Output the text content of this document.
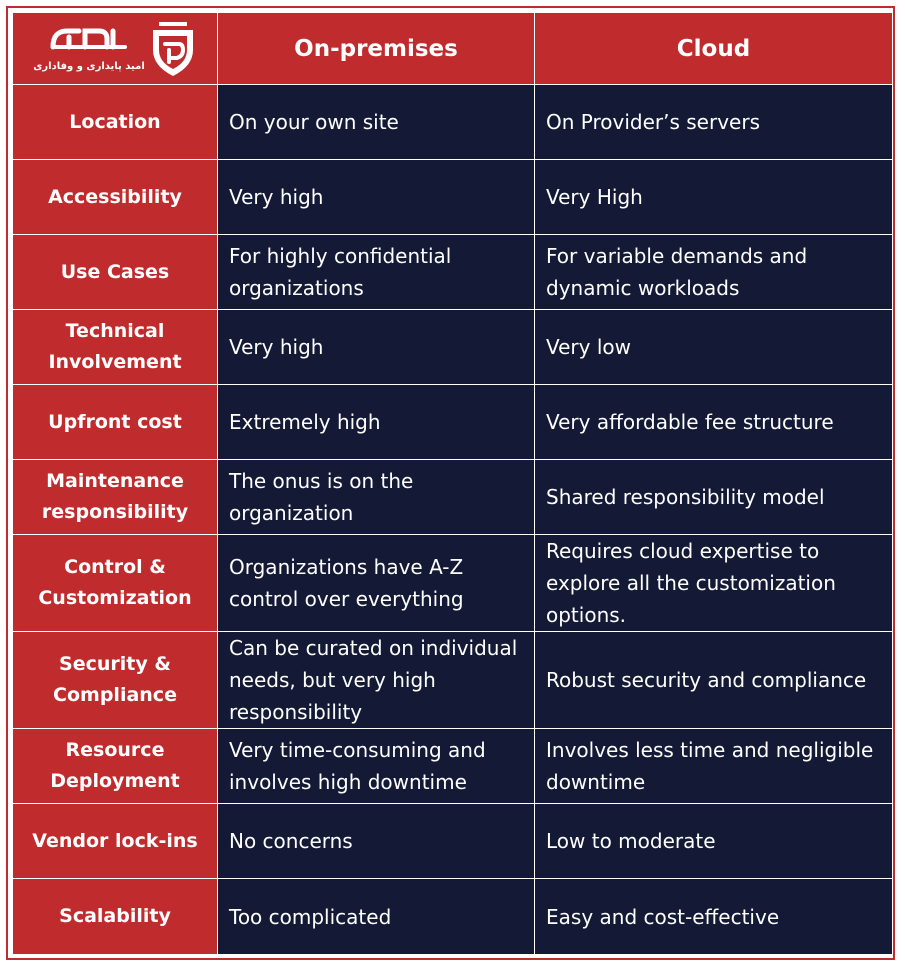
امید پایداری و وفاداری	On-premises	Cloud
Location	On your own site	On Provider’s servers
Accessibility	Very high	Very High
Use Cases	For highly confidential organizations	For variable demands and dynamic workloads
Technical Involvement	Very high	Very low
Upfront cost	Extremely high	Very affordable fee structure
Maintenance responsibility	The onus is on the organization	Shared responsibility model
Control & Customization	Organizations have A-Z control over everything	Requires cloud expertise to explore all the customization options.
Security & Compliance	Can be curated on individual needs, but very high responsibility	Robust security and compliance
Resource Deployment	Very time-consuming and involves high downtime	Involves less time and negligible downtime
Vendor lock-ins	No concerns	Low to moderate
Scalability	Too complicated	Easy and cost-effective
